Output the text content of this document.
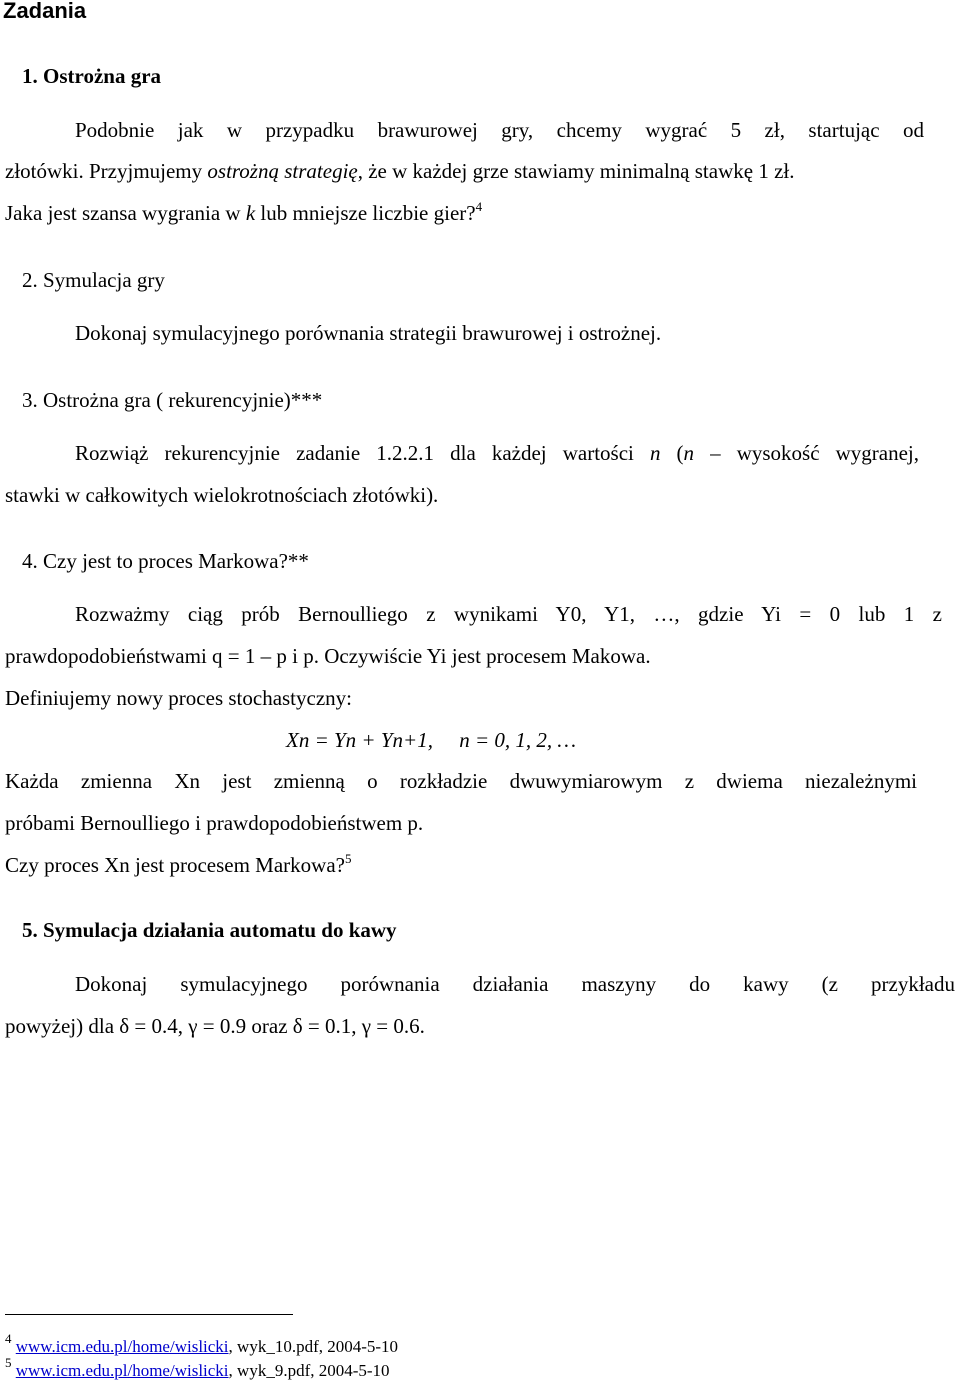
Zadania
1. Ostrożna gra
Podobnie jak w przypadku brawurowej gry, chcemy wygrać 5 zł, startując od
złotówki. Przyjmujemy ostrożną strategię, że w każdej grze stawiamy minimalną stawkę 1 zł.
Jaka jest szansa wygrania w k lub mniejsze liczbie gier?$^4$
2. Symulacja gry
Dokonaj symulacyjnego porównania strategii brawurowej i ostrożnej.
3. Ostrożna gra ( rekurencyjnie)***
Rozwiąż rekurencyjnie zadanie 1.2.2.1 dla każdej wartości n (n – wysokość wygranej,
stawki w całkowitych wielokrotnościach złotówki).
4. Czy jest to proces Markowa?**
Rozważmy ciąg prób Bernoulliego z wynikami Y0, Y1, …, gdzie Yi = 0 lub 1 z
prawdopodobieństwami q = 1 – p i p. Oczywiście Yi jest procesem Makowa.
Definiujemy nowy proces stochastyczny:
Xn = Yn + Yn+1,     n = 0, 1, 2, …
Każda zmienna Xn jest zmienną o rozkładzie dwuwymiarowym z dwiema niezależnymi
próbami Bernoulliego i prawdopodobieństwem p.
Czy proces Xn jest procesem Markowa?$^5$
5. Symulacja działania automatu do kawy
Dokonaj symulacyjnego porównania działania maszyny do kawy (z przykładu
powyżej) dla δ = 0.4, γ = 0.9 oraz δ = 0.1, γ = 0.6.
$^4$ www.icm.edu.pl/home/wislicki, wyk_10.pdf, 2004-5-10
$^5$ www.icm.edu.pl/home/wislicki, wyk_9.pdf, 2004-5-10
